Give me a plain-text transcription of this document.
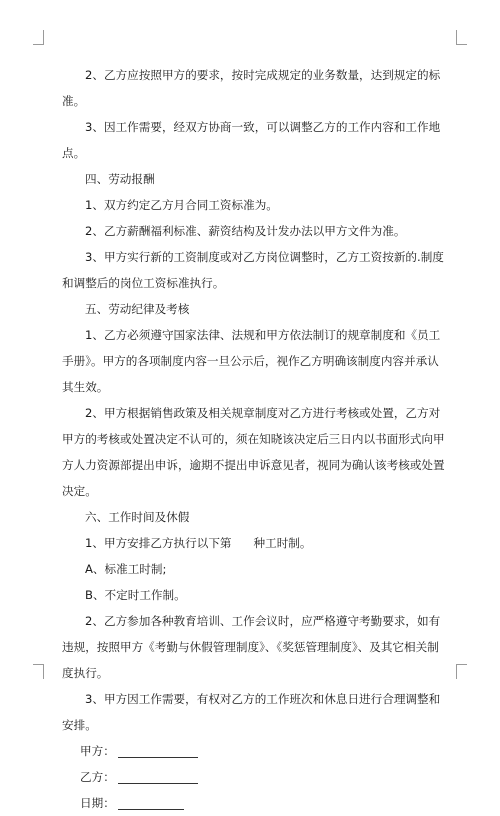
2、乙方应按照甲方的要求，按时完成规定的业务数量，达到规定的标准。

3、因工作需要，经双方协商一致，可以调整乙方的工作内容和工作地点。

四、劳动报酬

1、双方约定乙方月合同工资标准为。

2、乙方薪酬福利标准、薪资结构及计发办法以甲方文件为准。

3、甲方实行新的工资制度或对乙方岗位调整时，乙方工资按新的.制度和调整后的岗位工资标准执行。

五、劳动纪律及考核

1、乙方必须遵守国家法律、法规和甲方依法制订的规章制度和《员工手册》。甲方的各项制度内容一旦公示后，视作乙方明确该制度内容并承认其生效。

2、甲方根据销售政策及相关规章制度对乙方进行考核或处置，乙方对甲方的考核或处置决定不认可的，须在知晓该决定后三日内以书面形式向甲方人力资源部提出申诉，逾期不提出申诉意见者，视同为确认该考核或处置决定。

六、工作时间及休假

1、甲方安排乙方执行以下第 种工时制。

A、标准工时制;

B、不定时工作制。

2、乙方参加各种教育培训、工作会议时，应严格遵守考勤要求，如有违规，按照甲方《考勤与休假管理制度》、《奖惩管理制度》、及其它相关制度执行。

3、甲方因工作需要，有权对乙方的工作班次和休息日进行合理调整和安排。

甲方：

乙方：

日期：
